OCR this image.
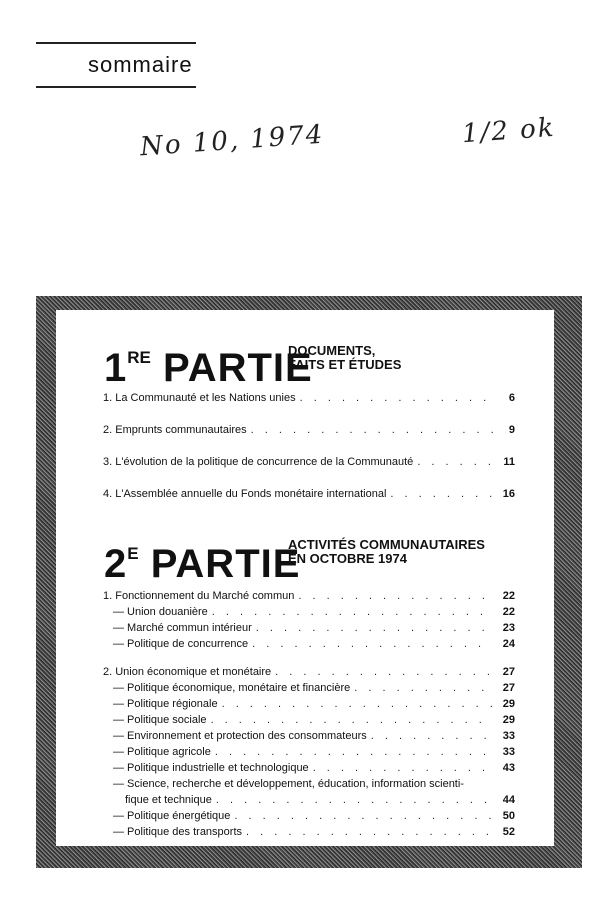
sommaire
No 10, 1974	1/2 ok
1RE PARTIE
DOCUMENTS,
FAITS ET ÉTUDES
1. La Communauté et les Nations unies . . .	6
2. Emprunts communautaires . . .	9
3. L'évolution de la politique de concurrence de la Communauté . . .	11
4. L'Assemblée annuelle du Fonds monétaire international . . .	16
$2^E$ PARTIE
ACTIVITÉS COMMUNAUTAIRES
EN OCTOBRE 1974
1. Fonctionnement du Marché commun . . .	22
— Union douanière . . .	22
— Marché commun intérieur . . .	23
— Politique de concurrence . . .	24
2. Union économique et monétaire . . .	27
— Politique économique, monétaire et financière . . .	27
— Politique régionale . . .	29
— Politique sociale . . .	29
— Environnement et protection des consommateurs . . .	33
— Politique agricole . . .	33
— Politique industrielle et technologique . . .	43
— Science, recherche et développement, éducation, information scienti-
fique et technique . . .	44
— Politique énergétique . . .	50
— Politique des transports . . .	52
